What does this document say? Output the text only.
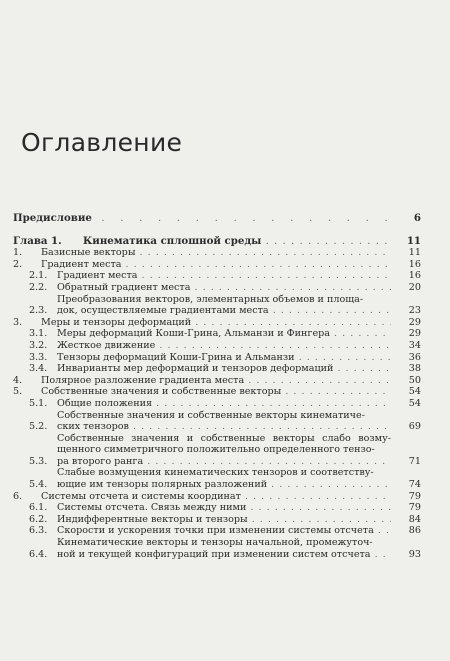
Оглавление
Предисловие . . .	6
Глава 1.	Кинематика сплошной среды . . .	11
1.	Базисные векторы . . .	11
2.	Градиент места . . .	16
2.1.	Градиент места . . .	16
2.2.	Обратный градиент места . . .	20
2.3.
Преобразования векторов, элементарных объемов и площа-
док, осуществляемые градиентами места . . .	23
3.	Меры и тензоры деформаций . . .	29
3.1.	Меры деформаций Коши-Грина, Альманзи и Фингера . . .	29
3.2.	Жесткое движение . . .	34
3.3.	Тензоры деформаций Коши-Грина и Альманзи . . .	36
3.4.	Инварианты мер деформаций и тензоров деформаций . . .	38
4.	Полярное разложение градиента места . . .	50
5.	Собственные значения и собственные векторы . . .	54
5.1.	Общие положения . . .	54
5.2.
Собственные значения и собственные векторы кинематиче-
ских тензоров . . .	69
5.3.
Собственные значения и собственные векторы слабо возму- щенного симметричного положительно определенного тензо-
ра второго ранга . . .	71
5.4.
Слабые возмущения кинематических тензоров и соответству-
ющие им тензоры полярных разложений . . .	74
6.	Системы отсчета и системы координат . . .	79
6.1.	Системы отсчета. Связь между ними . . .	79
6.2.	Индифферентные векторы и тензоры . . .	84
6.3.	Скорости и ускорения точки при изменении системы отсчета . . .	86
6.4.
Кинематические векторы и тензоры начальной, промежуточ-
ной и текущей конфигураций при изменении систем отсчета . . .	93
